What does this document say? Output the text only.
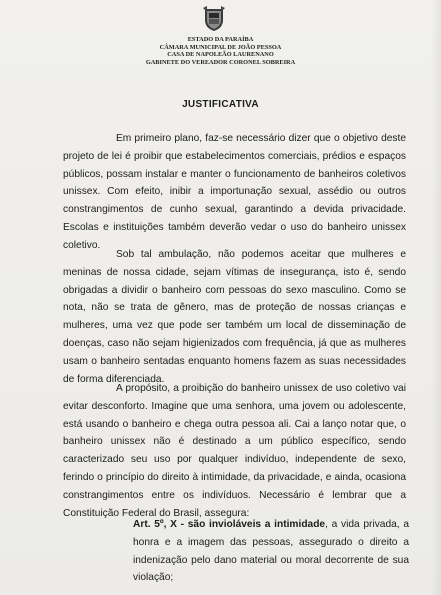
ESTADO DA PARAÍBA
CÂMARA MUNICIPAL DE JOÃO PESSOA
CASA DE NAPOLEÃO LAURENANO
GABINETE DO VEREADOR CORONEL SOBREIRA
JUSTIFICATIVA
Em primeiro plano, faz-se necessário dizer que o objetivo deste projeto de lei é proibir que estabelecimentos comerciais, prédios e espaços públicos, possam instalar e manter o funcionamento de banheiros coletivos unissex. Com efeito, inibir a importunação sexual, assédio ou outros constrangimentos de cunho sexual, garantindo a devida privacidade. Escolas e instituições também deverão vedar o uso do banheiro unissex coletivo.
Sob tal ambulação, não podemos aceitar que mulheres e meninas de nossa cidade, sejam vítimas de insegurança, isto é, sendo obrigadas a dividir o banheiro com pessoas do sexo masculino. Como se nota, não se trata de gênero, mas de proteção de nossas crianças e mulheres, uma vez que pode ser também um local de disseminação de doenças, caso não sejam higienizados com frequência, já que as mulheres usam o banheiro sentadas enquanto homens fazem as suas necessidades de forma diferenciada.
A propósito, a proibição do banheiro unissex de uso coletivo vai evitar desconforto. Imagine que uma senhora, uma jovem ou adolescente, está usando o banheiro e chega outra pessoa ali. Cai a lanço notar que, o banheiro unissex não é destinado a um público específico, sendo caracterizado seu uso por qualquer indivíduo, independente de sexo, ferindo o princípio do direito à intimidade, da privacidade, e ainda, ocasiona constrangimentos entre os indivíduos. Necessário é lembrar que a Constituição Federal do Brasil, assegura:
Art. 5º, X - são invioláveis a intimidade, a vida privada, a honra e a imagem das pessoas, assegurado o direito a indenização pelo dano material ou moral decorrente de sua violação;
